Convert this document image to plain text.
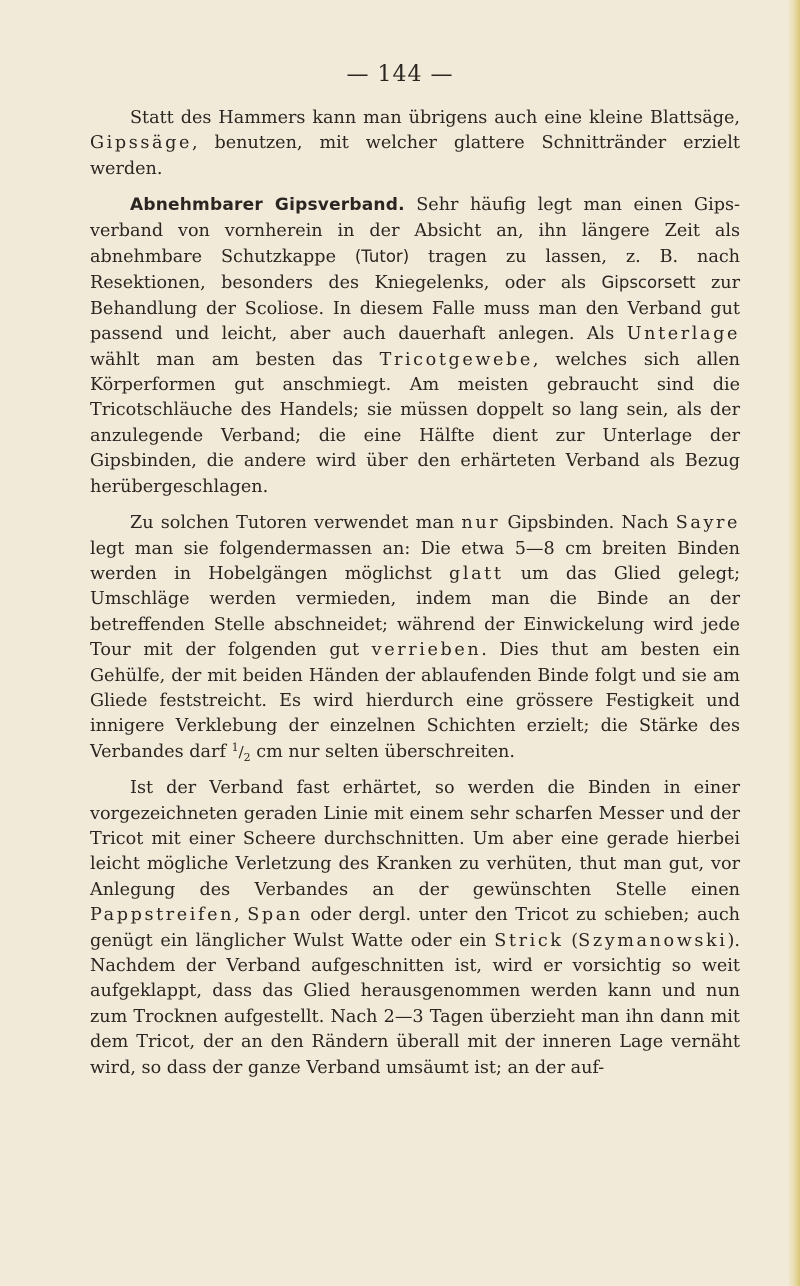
— 144 —

Statt des Hammers kann man übrigens auch eine kleine Blattsäge, Gipssäge, benutzen, mit welcher glattere Schnittränder erzielt werden.

Abnehmbarer Gipsverband. Sehr häufig legt man einen Gipsverband von vornherein in der Absicht an, ihn längere Zeit als abnehmbare Schutzkappe (Tutor) tragen zu lassen, z. B. nach Resektionen, besonders des Kniegelenks, oder als Gipscorsett zur Behandlung der Scoliose. In diesem Falle muss man den Verband gut passend und leicht, aber auch dauerhaft anlegen. Als Unterlage wählt man am besten das Tricotgewebe, welches sich allen Körperformen gut anschmiegt. Am meisten gebraucht sind die Tricotschläuche des Handels; sie müssen doppelt so lang sein, als der anzulegende Verband; die eine Hälfte dient zur Unterlage der Gipsbinden, die andere wird über den erhärteten Verband als Bezug herübergeschlagen.

Zu solchen Tutoren verwendet man nur Gipsbinden. Nach Sayre legt man sie folgendermassen an: Die etwa 5—8 cm breiten Binden werden in Hobelgängen möglichst glatt um das Glied gelegt; Umschläge werden vermieden, indem man die Binde an der betreffenden Stelle abschneidet; während der Einwickelung wird jede Tour mit der folgenden gut verrieben. Dies thut am besten ein Gehülfe, der mit beiden Händen der ablaufenden Binde folgt und sie am Gliede feststreicht. Es wird hierdurch eine grössere Festigkeit und innigere Verklebung der einzelnen Schichten erzielt; die Stärke des Verbandes darf $^1/_2$ cm nur selten überschreiten.

Ist der Verband fast erhärtet, so werden die Binden in einer vorgezeichneten geraden Linie mit einem sehr scharfen Messer und der Tricot mit einer Scheere durchschnitten. Um aber eine gerade hierbei leicht mögliche Verletzung des Kranken zu verhüten, thut man gut, vor Anlegung des Verbandes an der gewünschten Stelle einen Pappstreifen, Span oder dergl. unter den Tricot zu schieben; auch genügt ein länglicher Wulst Watte oder ein Strick (Szymanowski). Nachdem der Verband aufgeschnitten ist, wird er vorsichtig so weit aufgeklappt, dass das Glied herausgenommen werden kann und nun zum Trocknen aufgestellt. Nach 2—3 Tagen überzieht man ihn dann mit dem Tricot, der an den Rändern überall mit der inneren Lage vernäht wird, so dass der ganze Verband umsäumt ist; an der auf-
